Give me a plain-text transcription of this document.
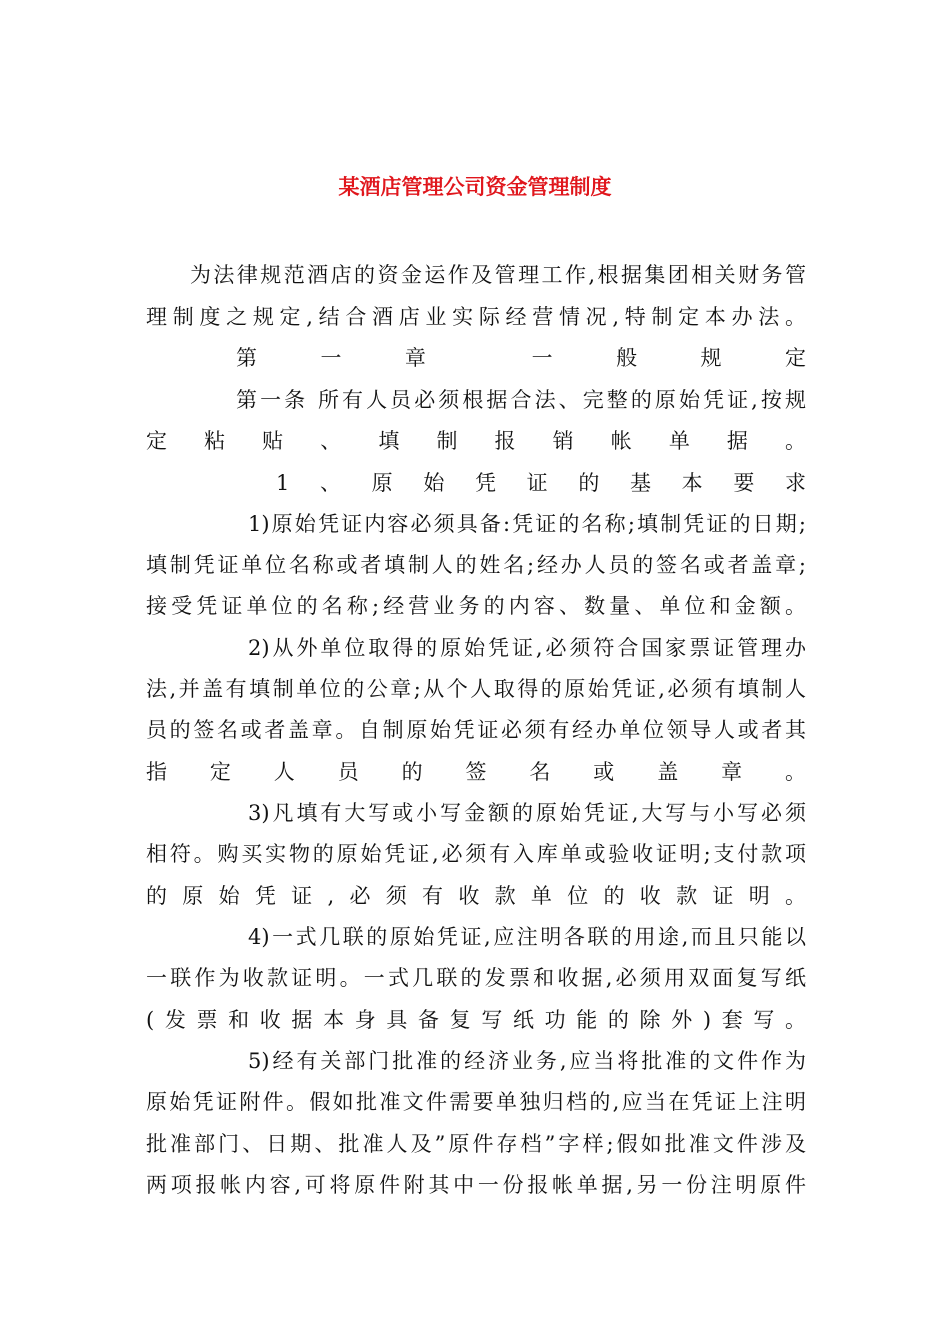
某酒店管理公司资金管理制度
为法律规范酒店的资金运作及管理工作,根据集团相关财务管
理制度之规定,结合酒店业实际经营情况,特制定本办法。
第　一　章　　一　般　规　定
第一条 所有人员必须根据合法、完整的原始凭证,按规
定粘贴、填制报销帐单据。
1、原始凭证的基本要求
1)原始凭证内容必须具备:凭证的名称;填制凭证的日期;
填制凭证单位名称或者填制人的姓名;经办人员的签名或者盖章;
接受凭证单位的名称;经营业务的内容、数量、单位和金额。
2)从外单位取得的原始凭证,必须符合国家票证管理办
法,并盖有填制单位的公章;从个人取得的原始凭证,必须有填制人
员的签名或者盖章。自制原始凭证必须有经办单位领导人或者其
指定人员的签名或盖章。
3)凡填有大写或小写金额的原始凭证,大写与小写必须
相符。购买实物的原始凭证,必须有入库单或验收证明;支付款项
的原始凭证,必须有收款单位的收款证明。
4)一式几联的原始凭证,应注明各联的用途,而且只能以
一联作为收款证明。一式几联的发票和收据,必须用双面复写纸
(发票和收据本身具备复写纸功能的除外)套写。
5)经有关部门批准的经济业务,应当将批准的文件作为
原始凭证附件。假如批准文件需要单独归档的,应当在凭证上注明
批准部门、日期、批准人及”原件存档”字样;假如批准文件涉及
两项报帐内容,可将原件附其中一份报帐单据,另一份注明原件
